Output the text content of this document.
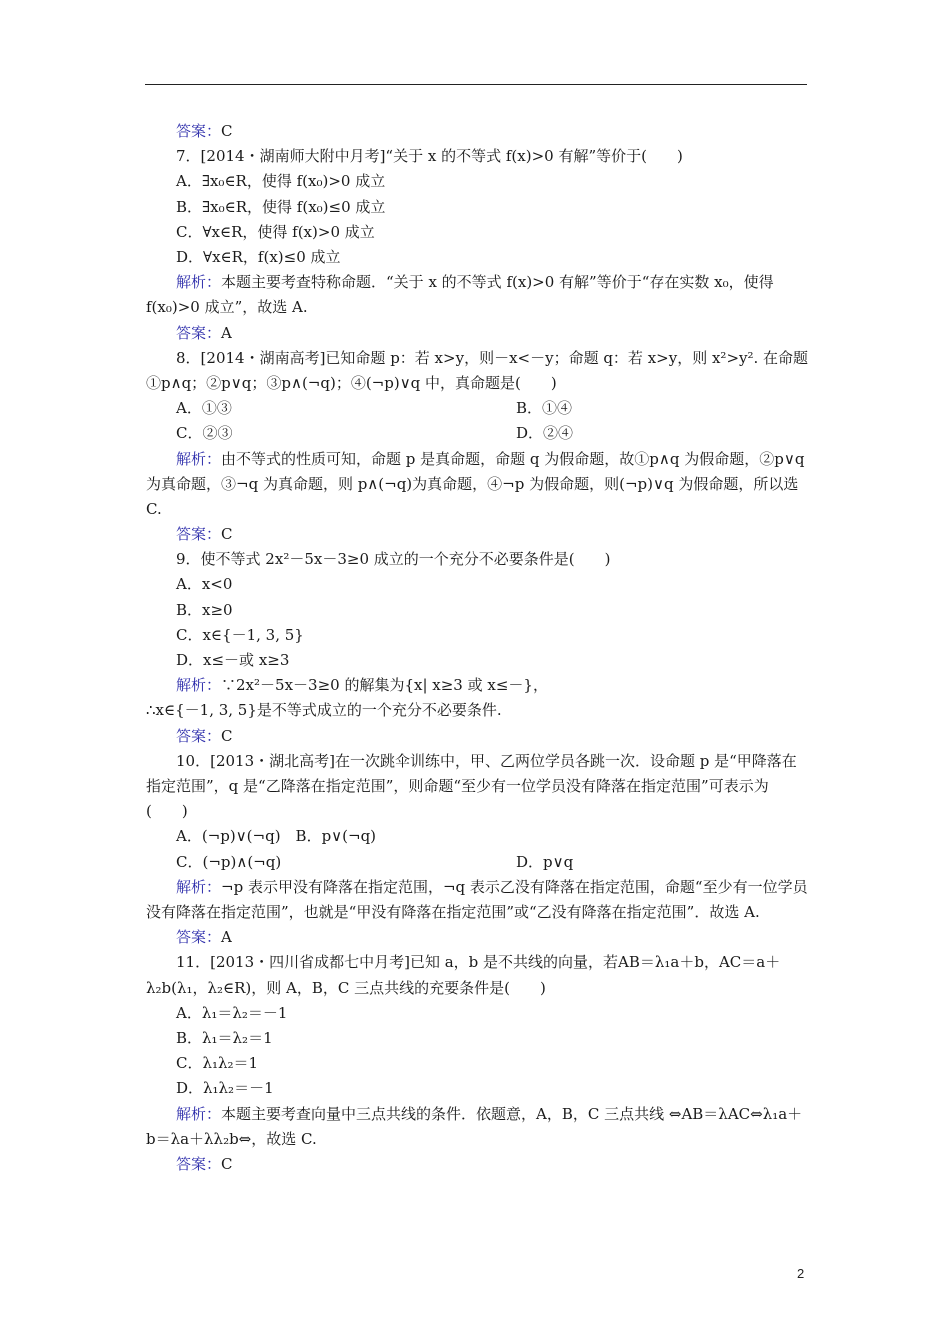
答案：C
7．[2014・湖南师大附中月考]“关于 x 的不等式 f(x)>0 有解”等价于(　　)
A．∃x₀∈R，使得 f(x₀)>0 成立
B．∃x₀∈R，使得 f(x₀)≤0 成立
C．∀x∈R，使得 f(x)>0 成立
D．∀x∈R，f(x)≤0 成立
解析：本题主要考查特称命题．“关于 x 的不等式 f(x)>0 有解”等价于“存在实数 x₀，使得 f(x₀)>0 成立”，故选 A.
答案：A
8．[2014・湖南高考]已知命题 p：若 x>y，则－x<－y；命题 q：若 x>y，则 x²>y². 在命题①p∧q；②p∨q；③p∧(¬q)；④(¬p)∨q 中，真命题是(　　)
A．①③	B．①④
C．②③	D．②④
解析：由不等式的性质可知，命题 p 是真命题，命题 q 为假命题，故①p∧q 为假命题，②p∨q 为真命题，③¬q 为真命题，则 p∧(¬q)为真命题，④¬p 为假命题，则(¬p)∨q 为假命题，所以选 C.
答案：C
9．使不等式 2x²－5x－3≥0 成立的一个充分不必要条件是(　　)
A．x<0
B．x≥0
C．x∈{－1, 3, 5}
D．x≤－或 x≥3
解析：∵2x²－5x－3≥0 的解集为{x| x≥3 或 x≤－}，
∴x∈{－1, 3, 5}是不等式成立的一个充分不必要条件.
答案：C
10．[2013・湖北高考]在一次跳伞训练中，甲、乙两位学员各跳一次．设命题 p 是“甲降落在指定范围”，q 是“乙降落在指定范围”，则命题“至少有一位学员没有降落在指定范围”可表示为(　　)
A．(¬p)∨(¬q)　B．p∨(¬q)
C．(¬p)∧(¬q)	D．p∨q
解析：¬p 表示甲没有降落在指定范围，¬q 表示乙没有降落在指定范围，命题“至少有一位学员没有降落在指定范围”，也就是“甲没有降落在指定范围”或“乙没有降落在指定范围”．故选 A.
答案：A
11．[2013・四川省成都七中月考]已知 a，b 是不共线的向量，若AB＝λ₁a＋b，AC＝a＋λ₂b(λ₁，λ₂∈R)，则 A，B，C 三点共线的充要条件是(　　)
A．λ₁＝λ₂＝－1
B．λ₁＝λ₂＝1
C．λ₁λ₂＝1
D．λ₁λ₂＝－1
解析：本题主要考查向量中三点共线的条件．依题意，A，B，C 三点共线 ⇔AB＝λAC⇔λ₁a＋b＝λa＋λλ₂b⇔，故选 C.
答案：C
2
